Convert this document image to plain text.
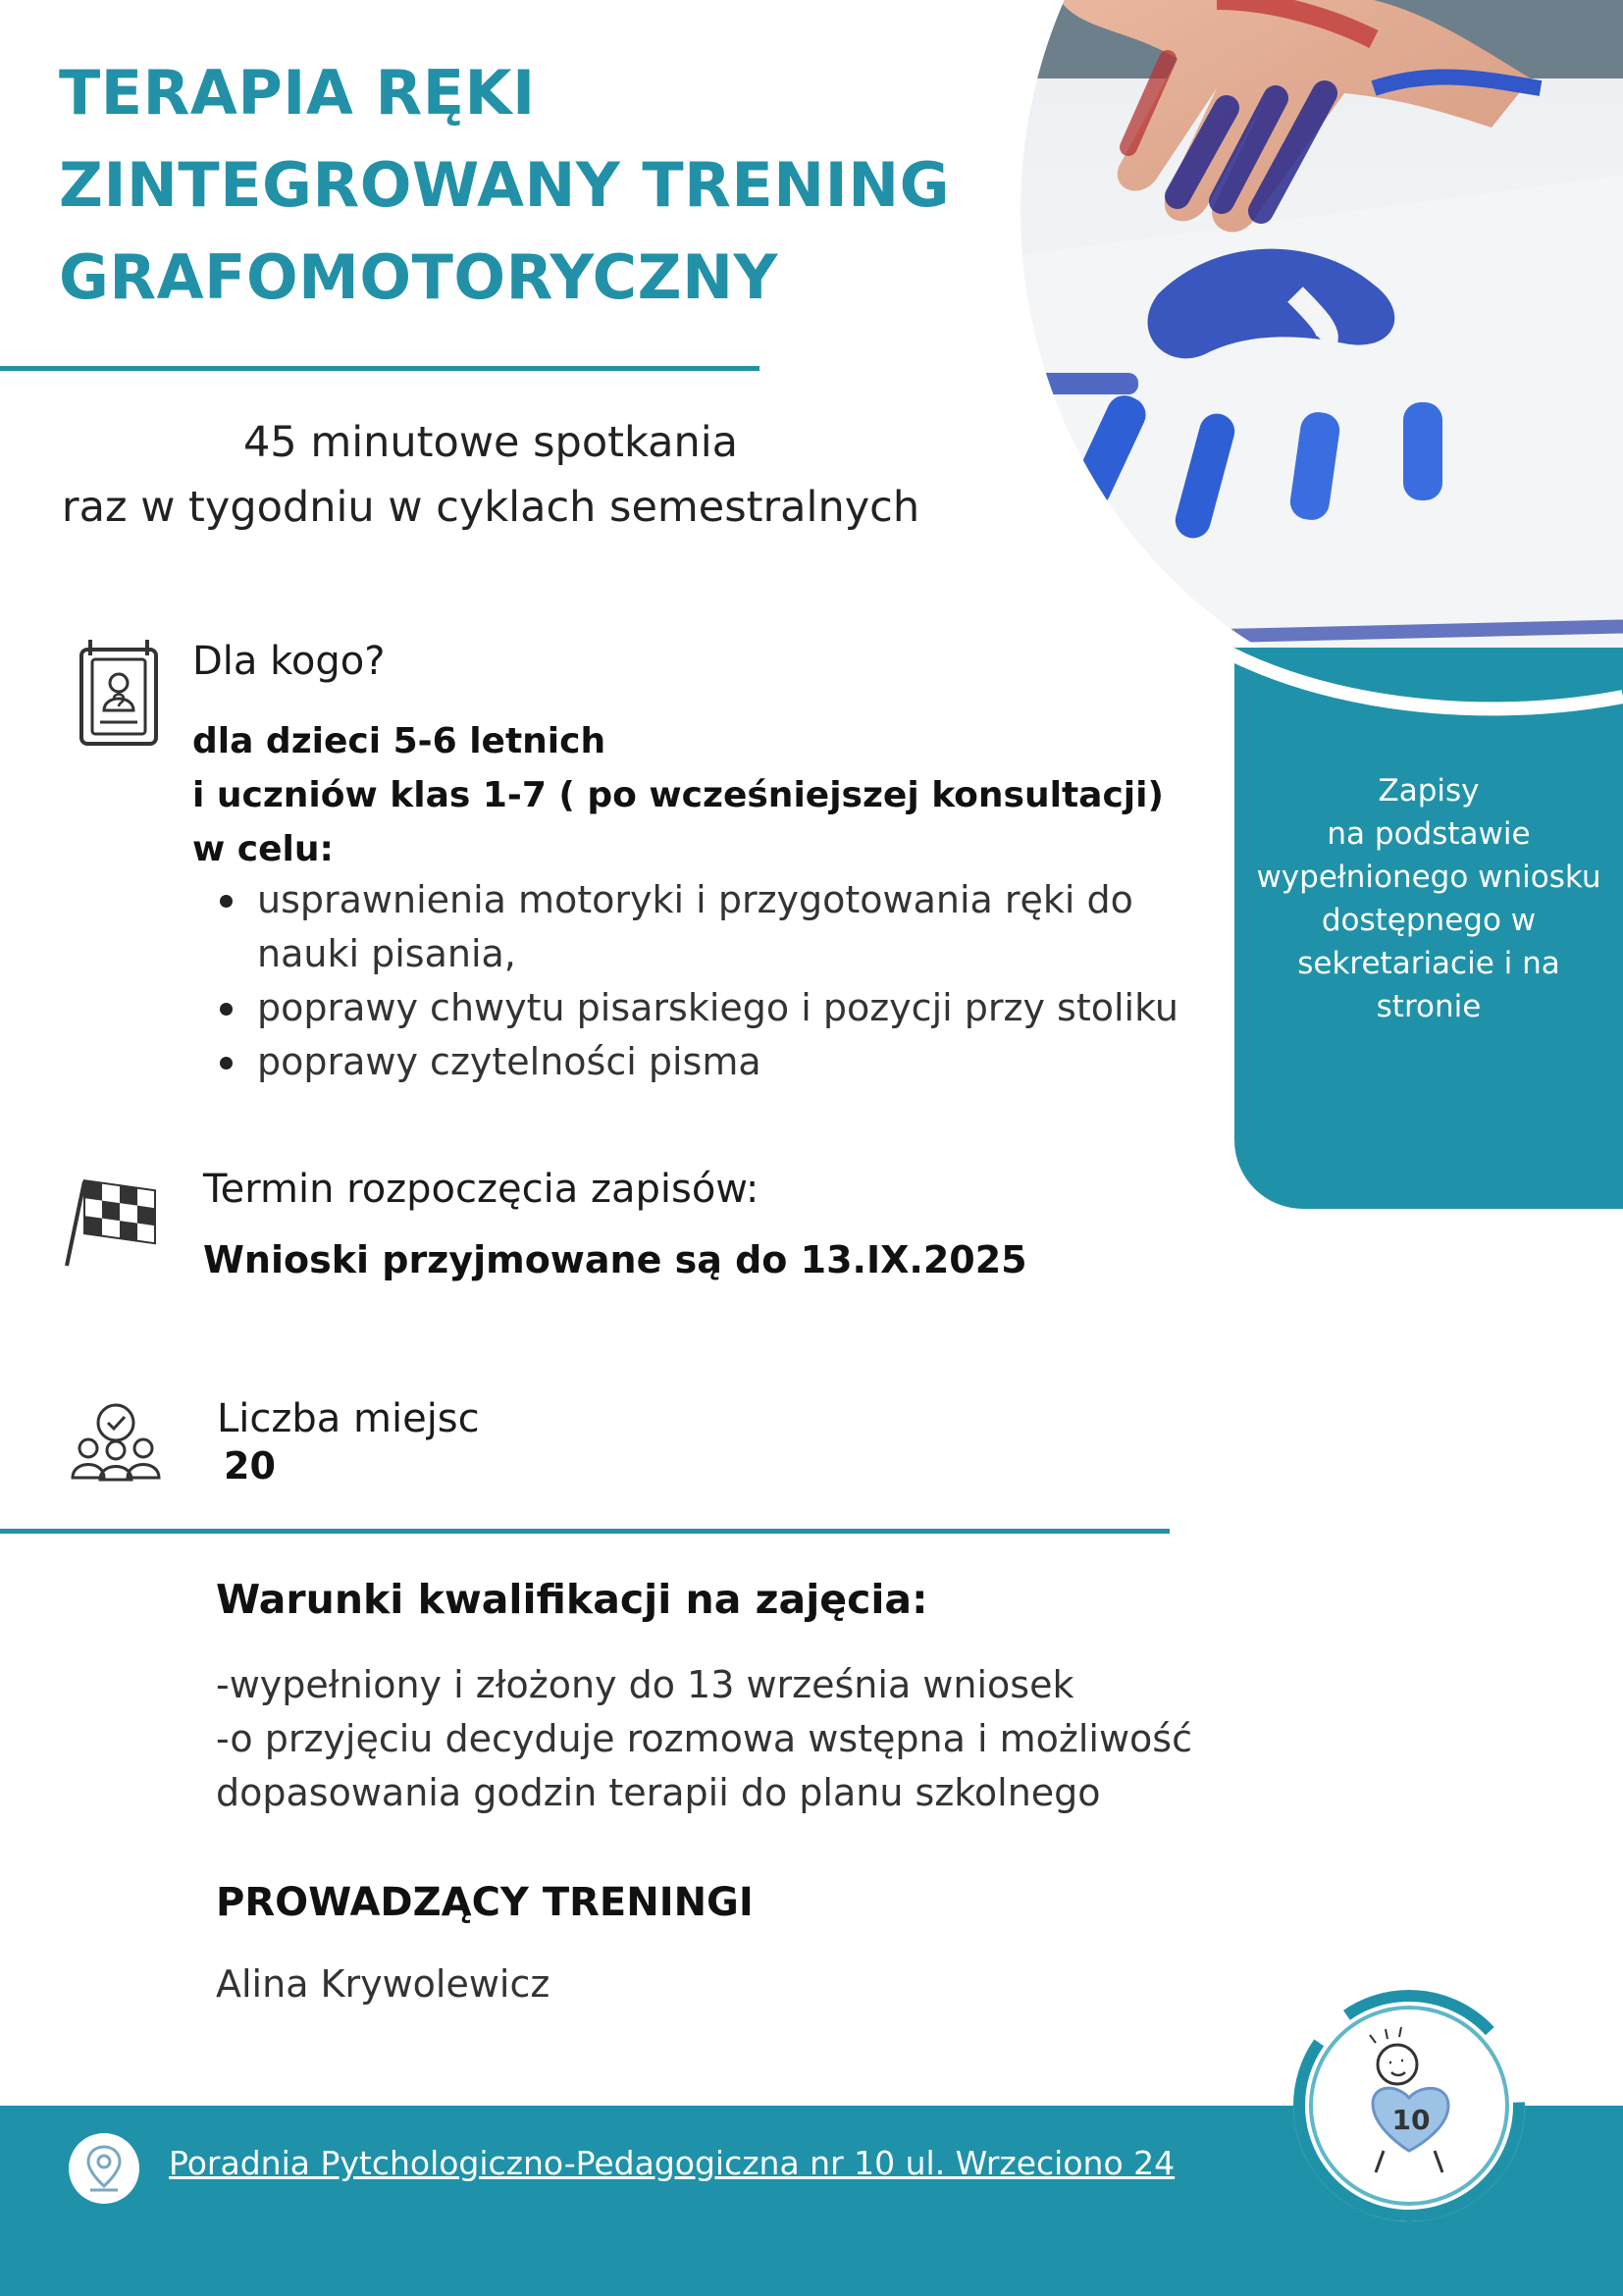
TERAPIA RĘKI
ZINTEGROWANY TRENING
GRAFOMOTORYCZNY
45 minutowe spotkania
raz w tygodniu w cyklach semestralnych
Zapisy
na podstawie
wypełnionego wniosku
dostępnego w
sekretariacie i na
stronie
Dla kogo?
dla dzieci 5-6 letnich
i uczniów klas 1-7 ( po wcześniejszej konsultacji)
w celu:
usprawnienia motoryki i przygotowania ręki do
nauki pisania,
poprawy chwytu pisarskiego i pozycji przy stoliku
poprawy czytelności pisma
Termin rozpoczęcia zapisów:
Wnioski przyjmowane są do 13.IX.2025
Liczba miejsc
20
Warunki kwalifikacji na zajęcia:
-wypełniony i złożony do 13 września wniosek
-o przyjęciu decyduje rozmowa wstępna i możliwość
dopasowania godzin terapii do planu szkolnego
PROWADZĄCY TRENINGI
Alina Krywolewicz
Poradnia Pytchologiczno-Pedagogiczna nr 10 ul. Wrzeciono 24
10
